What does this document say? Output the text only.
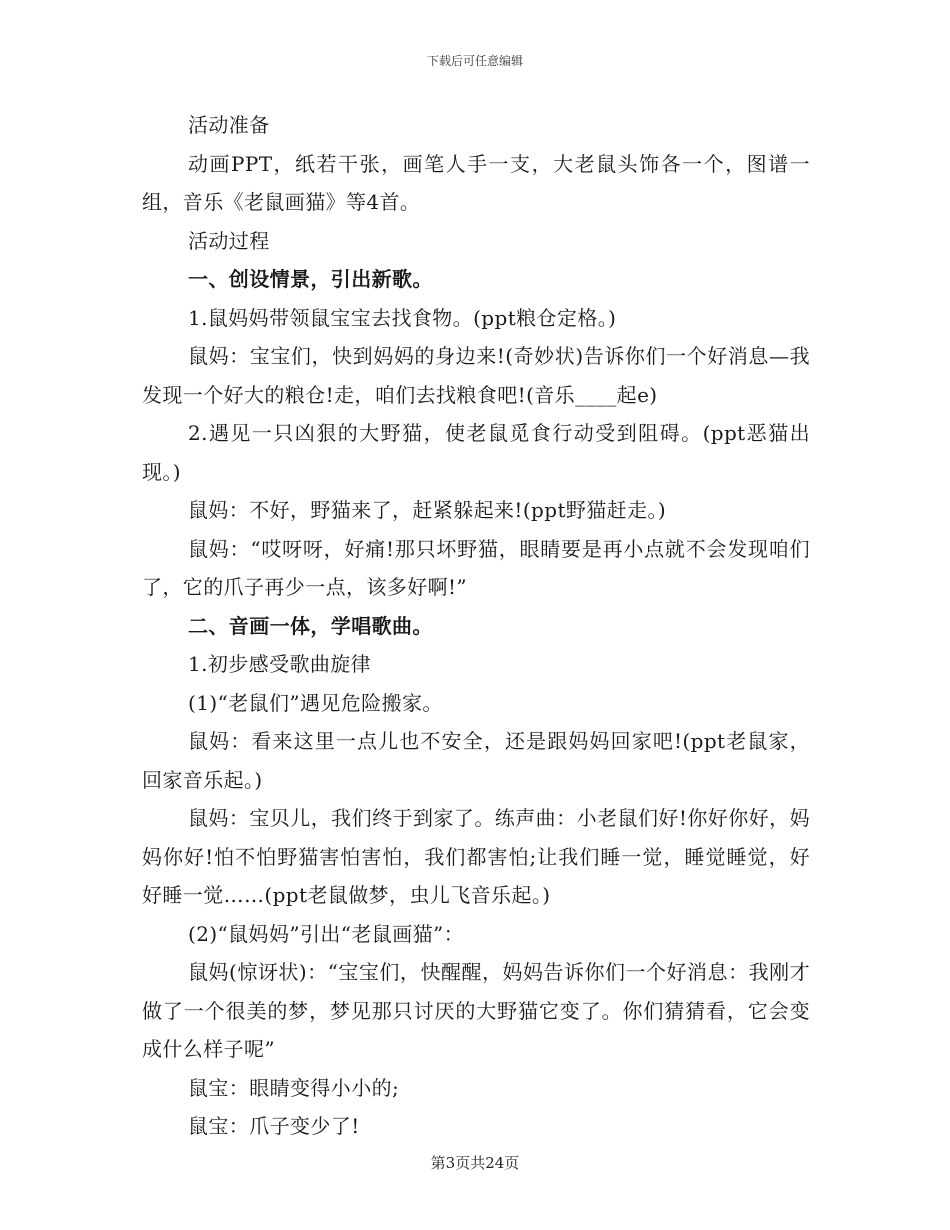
下载后可任意编辑

活动准备

动画PPT，纸若干张，画笔人手一支，大老鼠头饰各一个，图谱一组，音乐《老鼠画猫》等4首。

活动过程

一、创设情景，引出新歌。

1.鼠妈妈带领鼠宝宝去找食物。(ppt粮仓定格。)

鼠妈：宝宝们，快到妈妈的身边来!(奇妙状)告诉你们一个好消息—我发现一个好大的粮仓!走，咱们去找粮食吧!(音乐____起e)

2.遇见一只凶狠的大野猫，使老鼠觅食行动受到阻碍。(ppt恶猫出现。)

鼠妈：不好，野猫来了，赶紧躲起来!(ppt野猫赶走。)

鼠妈：“哎呀呀，好痛!那只坏野猫，眼睛要是再小点就不会发现咱们了，它的爪子再少一点，该多好啊!”

二、音画一体，学唱歌曲。

1.初步感受歌曲旋律

(1)“老鼠们”遇见危险搬家。

鼠妈：看来这里一点儿也不安全，还是跟妈妈回家吧!(ppt老鼠家，回家音乐起。)

鼠妈：宝贝儿，我们终于到家了。练声曲：小老鼠们好!你好你好，妈妈你好!怕不怕野猫害怕害怕，我们都害怕;让我们睡一觉，睡觉睡觉，好好睡一觉……(ppt老鼠做梦，虫儿飞音乐起。)

(2)“鼠妈妈”引出“老鼠画猫”：

鼠妈(惊讶状)：“宝宝们，快醒醒，妈妈告诉你们一个好消息：我刚才做了一个很美的梦，梦见那只讨厌的大野猫它变了。你们猜猜看，它会变成什么样子呢”

鼠宝：眼睛变得小小的;

鼠宝：爪子变少了!

第3页共24页
